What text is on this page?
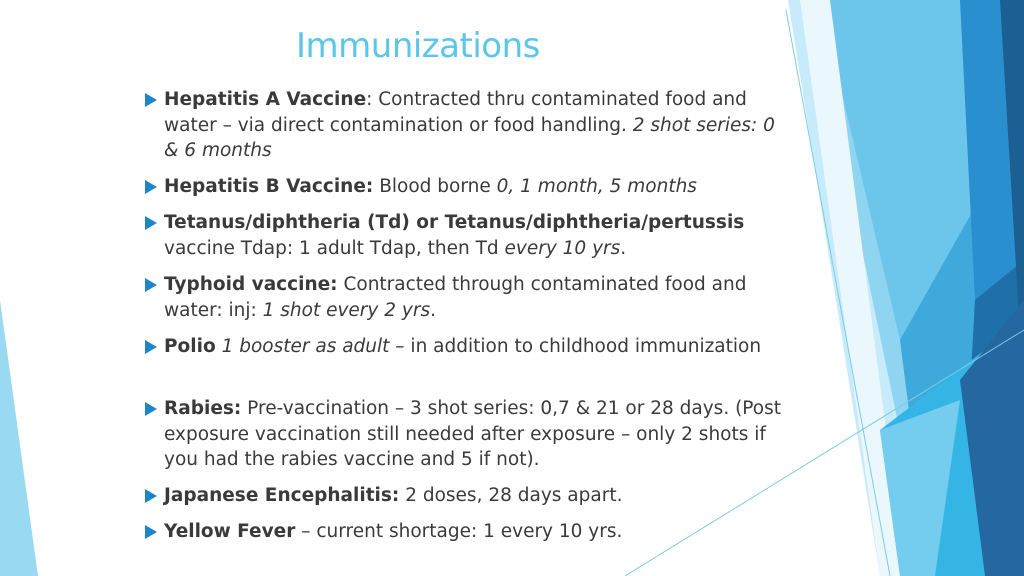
Immunizations
Hepatitis A Vaccine: Contracted thru contaminated food and water – via direct contamination or food handling. 2 shot series: 0 & 6 months
Hepatitis B Vaccine: Blood borne 0, 1 month, 5 months
Tetanus/diphtheria (Td) or Tetanus/diphtheria/pertussis vaccine Tdap: 1 adult Tdap, then Td every 10 yrs.
Typhoid vaccine: Contracted through contaminated food and water: inj: 1 shot every 2 yrs.
Polio 1 booster as adult – in addition to childhood immunization
Rabies: Pre-vaccination – 3 shot series: 0,7 & 21 or 28 days. (Post exposure vaccination still needed after exposure – only 2 shots if you had the rabies vaccine and 5 if not).
Japanese Encephalitis: 2 doses, 28 days apart.
Yellow Fever – current shortage: 1 every 10 yrs.
